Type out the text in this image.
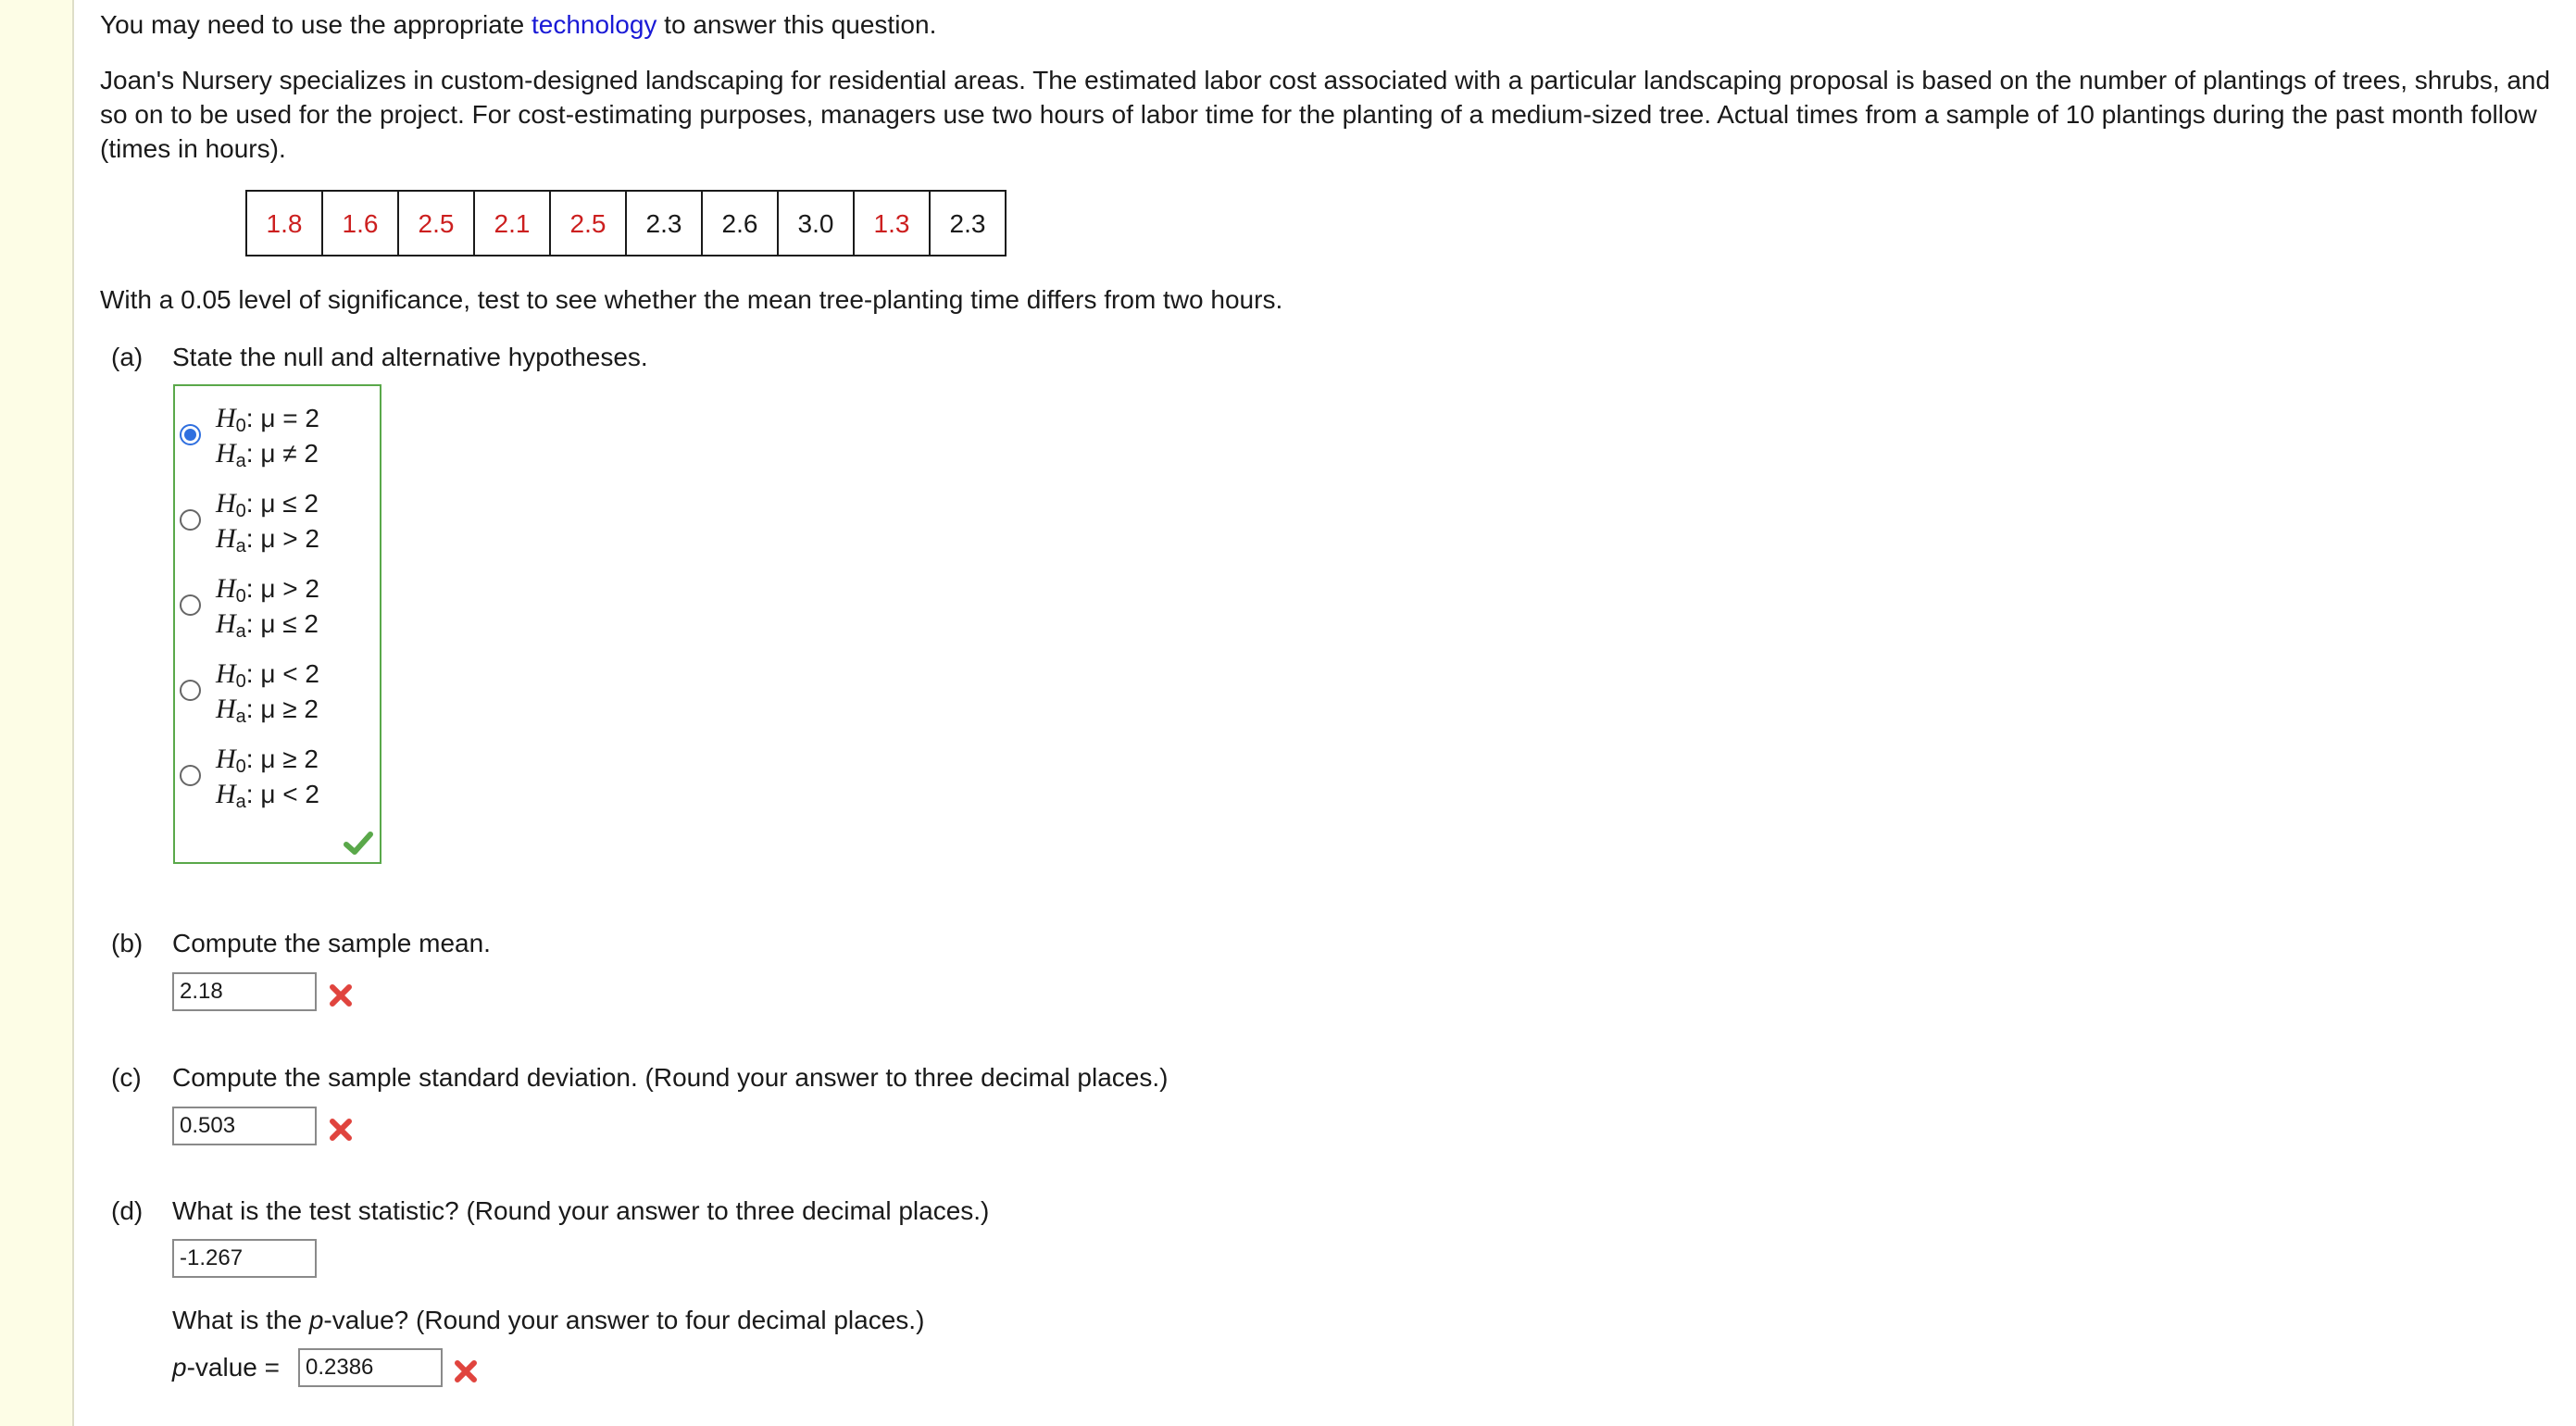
You may need to use the appropriate technology to answer this question.
Joan's Nursery specializes in custom-designed landscaping for residential areas. The estimated labor cost associated with a particular landscaping proposal is based on the number of plantings of trees, shrubs, and so on to be used for the project. For cost-estimating purposes, managers use two hours of labor time for the planting of a medium-sized tree. Actual times from a sample of 10 plantings during the past month follow (times in hours).
1.8	1.6	2.5	2.1	2.5	2.3	2.6	3.0	1.3	2.3
With a 0.05 level of significance, test to see whether the mean tree-planting time differs from two hours.
(a) State the null and alternative hypotheses.
$H_0$: μ = 2
$H_a$: μ ≠ 2
$H_0$: μ ≤ 2
$H_a$: μ > 2
$H_0$: μ > 2
$H_a$: μ ≤ 2
$H_0$: μ < 2
$H_a$: μ ≥ 2
$H_0$: μ ≥ 2
$H_a$: μ < 2
(b) Compute the sample mean.
2.18
(c) Compute the sample standard deviation. (Round your answer to three decimal places.)
0.503
(d) What is the test statistic? (Round your answer to three decimal places.)
-1.267
What is the p-value? (Round your answer to four decimal places.)
p-value =
0.2386
